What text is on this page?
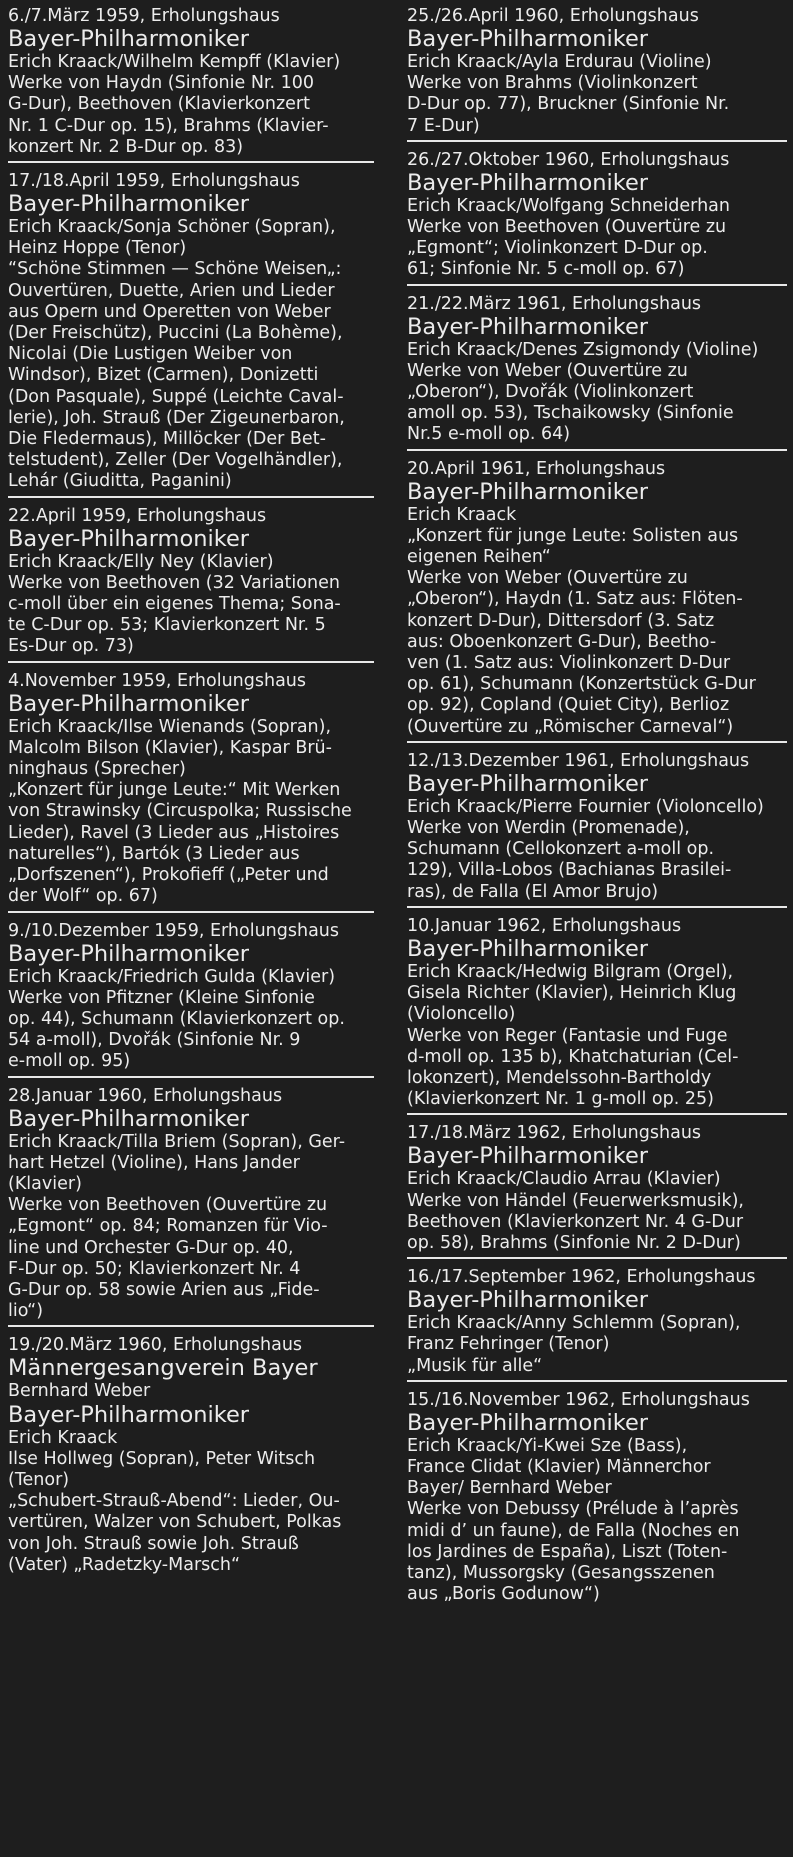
6./7.März 1959, Erholungshaus
Bayer-Philharmoniker
Erich Kraack/Wilhelm Kempff (Klavier)
Werke von Haydn (Sinfonie Nr. 100
G-Dur), Beethoven (Klavierkonzert
Nr. 1 C-Dur op. 15), Brahms (Klavier-
konzert Nr. 2 B-Dur op. 83)
17./18.April 1959, Erholungshaus
Bayer-Philharmoniker
Erich Kraack/Sonja Schöner (Sopran),
Heinz Hoppe (Tenor)
“Schöne Stimmen — Schöne Weisen„:
Ouvertüren, Duette, Arien und Lieder
aus Opern und Operetten von Weber
(Der Freischütz), Puccini (La Bohème),
Nicolai (Die Lustigen Weiber von
Windsor), Bizet (Carmen), Donizetti
(Don Pasquale), Suppé (Leichte Caval-
lerie), Joh. Strauß (Der Zigeunerbaron,
Die Fledermaus), Millöcker (Der Bet-
telstudent), Zeller (Der Vogelhändler),
Lehár (Giuditta, Paganini)
22.April 1959, Erholungshaus
Bayer-Philharmoniker
Erich Kraack/Elly Ney (Klavier)
Werke von Beethoven (32 Variationen
c-moll über ein eigenes Thema; Sona-
te C-Dur op. 53; Klavierkonzert Nr. 5
Es-Dur op. 73)
4.November 1959, Erholungshaus
Bayer-Philharmoniker
Erich Kraack/Ilse Wienands (Sopran),
Malcolm Bilson (Klavier), Kaspar Brü-
ninghaus (Sprecher)
„Konzert für junge Leute:“ Mit Werken
von Strawinsky (Circuspolka; Russische
Lieder), Ravel (3 Lieder aus „Histoires
naturelles“), Bartók (3 Lieder aus
„Dorfszenen“), Prokofieff („Peter und
der Wolf“ op. 67)
9./10.Dezember 1959, Erholungshaus
Bayer-Philharmoniker
Erich Kraack/Friedrich Gulda (Klavier)
Werke von Pfitzner (Kleine Sinfonie
op. 44), Schumann (Klavierkonzert op.
54 a-moll), Dvořák (Sinfonie Nr. 9
e-moll op. 95)
28.Januar 1960, Erholungshaus
Bayer-Philharmoniker
Erich Kraack/Tilla Briem (Sopran), Ger-
hart Hetzel (Violine), Hans Jander
(Klavier)
Werke von Beethoven (Ouvertüre zu
„Egmont“ op. 84; Romanzen für Vio-
line und Orchester G-Dur op. 40,
F-Dur op. 50; Klavierkonzert Nr. 4
G-Dur op. 58 sowie Arien aus „Fide-
lio“)
19./20.März 1960, Erholungshaus
Männergesangverein Bayer
Bernhard Weber
Bayer-Philharmoniker
Erich Kraack
Ilse Hollweg (Sopran), Peter Witsch
(Tenor)
„Schubert-Strauß-Abend“: Lieder, Ou-
vertüren, Walzer von Schubert, Polkas
von Joh. Strauß sowie Joh. Strauß
(Vater) „Radetzky-Marsch“
25./26.April 1960, Erholungshaus
Bayer-Philharmoniker
Erich Kraack/Ayla Erdurau (Violine)
Werke von Brahms (Violinkonzert
D-Dur op. 77), Bruckner (Sinfonie Nr.
7 E-Dur)
26./27.Oktober 1960, Erholungshaus
Bayer-Philharmoniker
Erich Kraack/Wolfgang Schneiderhan
Werke von Beethoven (Ouvertüre zu
„Egmont“; Violinkonzert D-Dur op.
61; Sinfonie Nr. 5 c-moll op. 67)
21./22.März 1961, Erholungshaus
Bayer-Philharmoniker
Erich Kraack/Denes Zsigmondy (Violine)
Werke von Weber (Ouvertüre zu
„Oberon“), Dvořák (Violinkonzert
amoll op. 53), Tschaikowsky (Sinfonie
Nr.5 e-moll op. 64)
20.April 1961, Erholungshaus
Bayer-Philharmoniker
Erich Kraack
„Konzert für junge Leute: Solisten aus
eigenen Reihen“
Werke von Weber (Ouvertüre zu
„Oberon“), Haydn (1. Satz aus: Flöten-
konzert D-Dur), Dittersdorf (3. Satz
aus: Oboenkonzert G-Dur), Beetho-
ven (1. Satz aus: Violinkonzert D-Dur
op. 61), Schumann (Konzertstück G-Dur
op. 92), Copland (Quiet City), Berlioz
(Ouvertüre zu „Römischer Carneval“)
12./13.Dezember 1961, Erholungshaus
Bayer-Philharmoniker
Erich Kraack/Pierre Fournier (Violoncello)
Werke von Werdin (Promenade),
Schumann (Cellokonzert a-moll op.
129), Villa-Lobos (Bachianas Brasilei-
ras), de Falla (El Amor Brujo)
10.Januar 1962, Erholungshaus
Bayer-Philharmoniker
Erich Kraack/Hedwig Bilgram (Orgel),
Gisela Richter (Klavier), Heinrich Klug
(Violoncello)
Werke von Reger (Fantasie und Fuge
d-moll op. 135 b), Khatchaturian (Cel-
lokonzert), Mendelssohn-Bartholdy
(Klavierkonzert Nr. 1 g-moll op. 25)
17./18.März 1962, Erholungshaus
Bayer-Philharmoniker
Erich Kraack/Claudio Arrau (Klavier)
Werke von Händel (Feuerwerksmusik),
Beethoven (Klavierkonzert Nr. 4 G-Dur
op. 58), Brahms (Sinfonie Nr. 2 D-Dur)
16./17.September 1962, Erholungshaus
Bayer-Philharmoniker
Erich Kraack/Anny Schlemm (Sopran),
Franz Fehringer (Tenor)
„Musik für alle“
15./16.November 1962, Erholungshaus
Bayer-Philharmoniker
Erich Kraack/Yi-Kwei Sze (Bass),
France Clidat (Klavier) Männerchor
Bayer/ Bernhard Weber
Werke von Debussy (Prélude à l’après
midi d’ un faune), de Falla (Noches en
los Jardines de España), Liszt (Toten-
tanz), Mussorgsky (Gesangsszenen
aus „Boris Godunow“)
